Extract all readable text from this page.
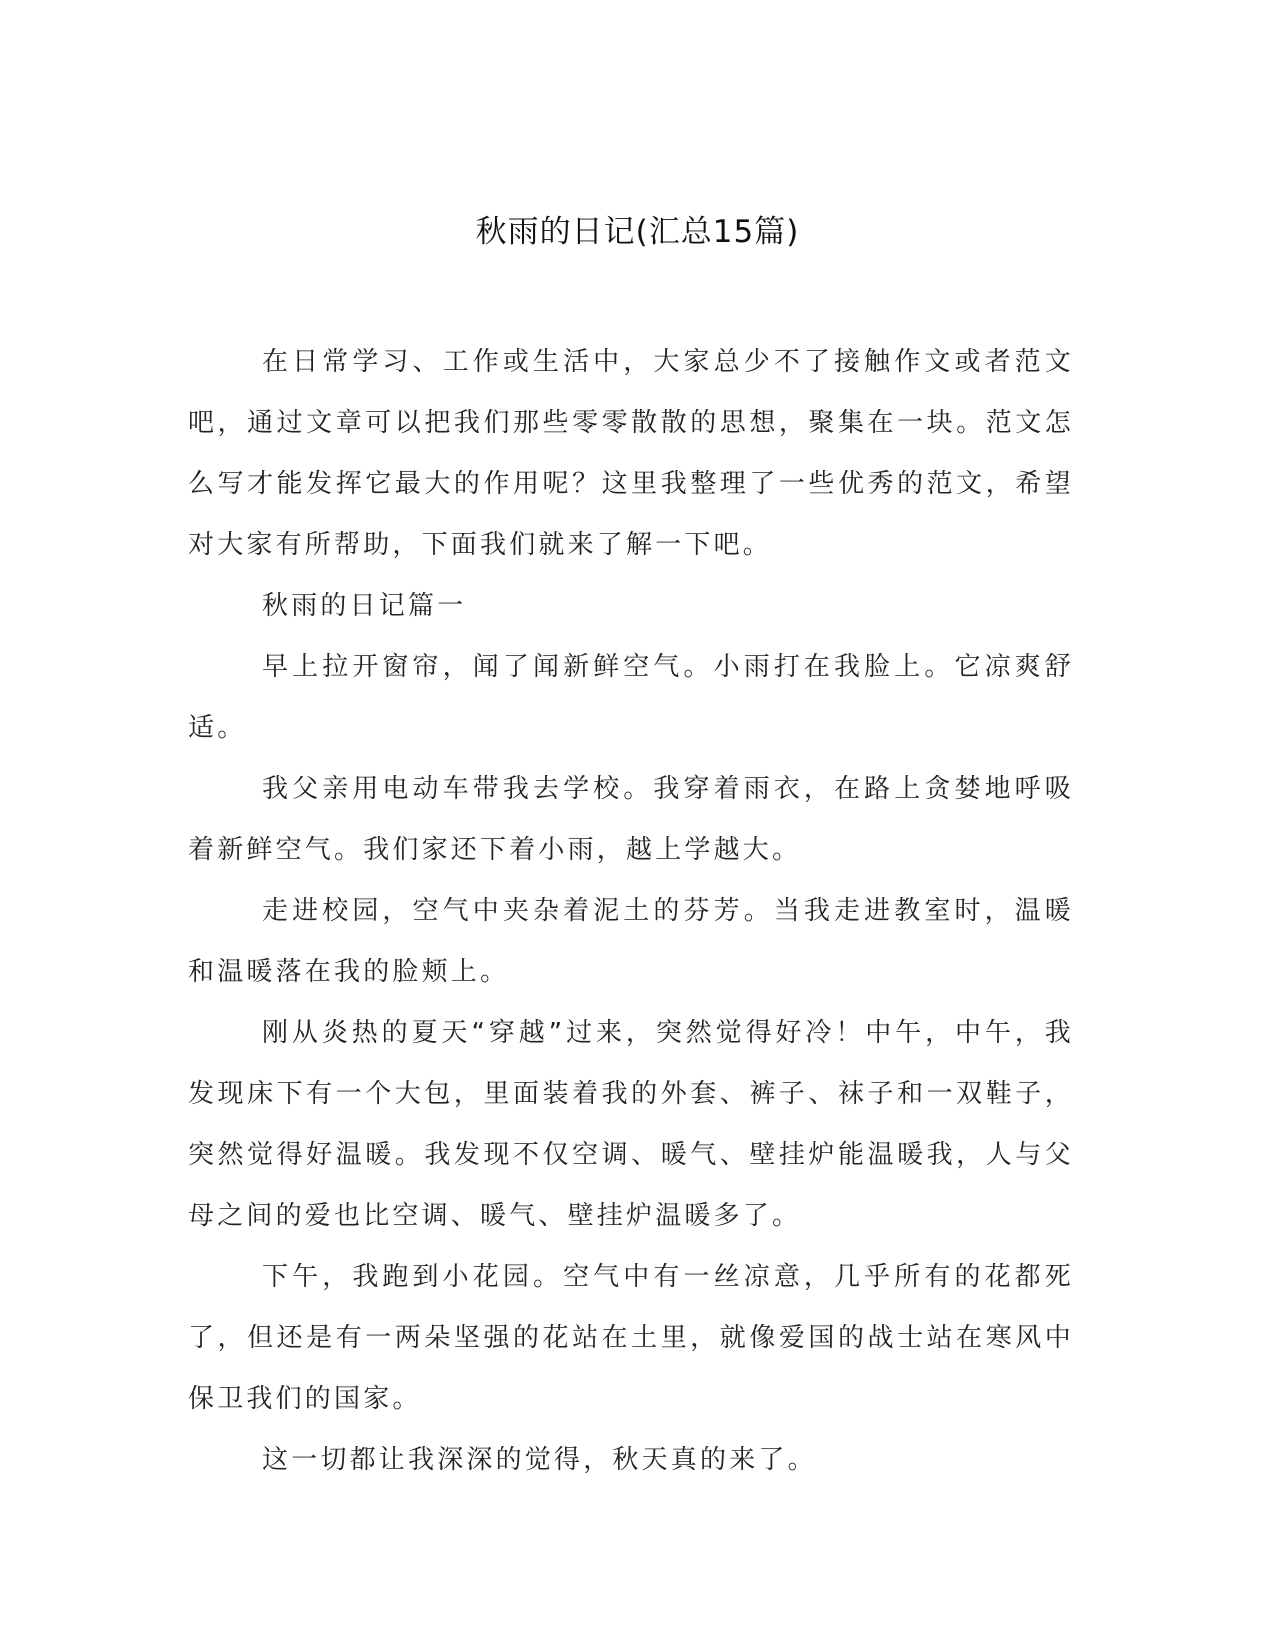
秋雨的日记(汇总15篇)

在日常学习、工作或生活中，大家总少不了接触作文或者范文吧，通过文章可以把我们那些零零散散的思想，聚集在一块。范文怎么写才能发挥它最大的作用呢？这里我整理了一些优秀的范文，希望对大家有所帮助，下面我们就来了解一下吧。

秋雨的日记篇一

早上拉开窗帘，闻了闻新鲜空气。小雨打在我脸上。它凉爽舒适。

我父亲用电动车带我去学校。我穿着雨衣，在路上贪婪地呼吸着新鲜空气。我们家还下着小雨，越上学越大。

走进校园，空气中夹杂着泥土的芬芳。当我走进教室时，温暖和温暖落在我的脸颊上。

刚从炎热的夏天“穿越”过来，突然觉得好冷！中午，中午，我发现床下有一个大包，里面装着我的外套、裤子、袜子和一双鞋子，突然觉得好温暖。我发现不仅空调、暖气、壁挂炉能温暖我，人与父母之间的爱也比空调、暖气、壁挂炉温暖多了。

下午，我跑到小花园。空气中有一丝凉意，几乎所有的花都死了，但还是有一两朵坚强的花站在土里，就像爱国的战士站在寒风中保卫我们的国家。

这一切都让我深深的觉得，秋天真的来了。
